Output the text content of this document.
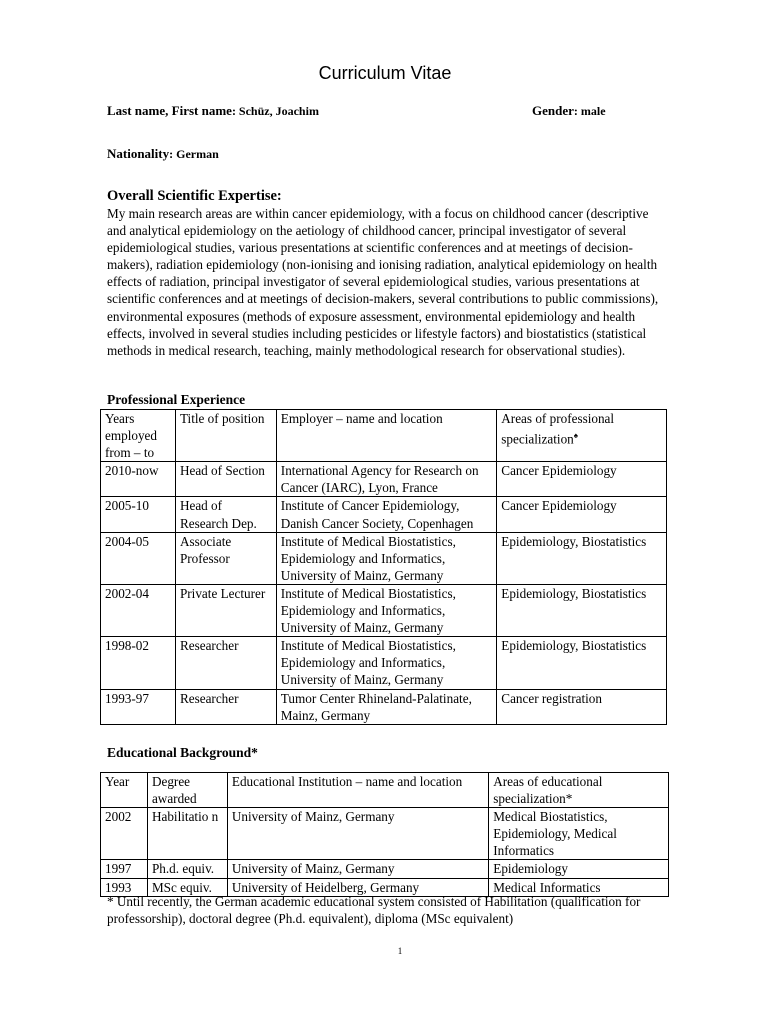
Curriculum Vitae
Last name, First name: Schüz, Joachim	Gender: male
Nationality: German
Overall Scientific Expertise:
My main research areas are within cancer epidemiology, with a focus on childhood cancer (descriptive and analytical epidemiology on the aetiology of childhood cancer, principal investigator of several epidemiological studies, various presentations at scientific conferences and at meetings of decision-makers), radiation epidemiology (non-ionising and ionising radiation, analytical epidemiology on health effects of radiation, principal investigator of several epidemiological studies, various presentations at scientific conferences and at meetings of decision-makers, several contributions to public commissions), environmental exposures (methods of exposure assessment, environmental epidemiology and health effects, involved in several studies including pesticides or lifestyle factors) and biostatistics (statistical methods in medical research, teaching, mainly methodological research for observational studies).
Professional Experience
Years employed from – to	Title of position	Employer – name and location	Areas of professional specialization♠
2010-now	Head of Section	International Agency for Research on Cancer (IARC), Lyon, France	Cancer Epidemiology
2005-10	Head of Research Dep.	Institute of Cancer Epidemiology, Danish Cancer Society, Copenhagen	Cancer Epidemiology
2004-05	Associate Professor	Institute of Medical Biostatistics, Epidemiology and Informatics, University of Mainz, Germany	Epidemiology, Biostatistics
2002-04	Private Lecturer	Institute of Medical Biostatistics, Epidemiology and Informatics, University of Mainz, Germany	Epidemiology, Biostatistics
1998-02	Researcher	Institute of Medical Biostatistics, Epidemiology and Informatics, University of Mainz, Germany	Epidemiology, Biostatistics
1993-97	Researcher	Tumor Center Rhineland-Palatinate, Mainz, Germany	Cancer registration
Educational Background*
Year	Degree awarded	Educational Institution – name and location	Areas of educational specialization*
2002	Habilitatio n	University of Mainz, Germany	Medical Biostatistics, Epidemiology, Medical Informatics
1997	Ph.d. equiv.	University of Mainz, Germany	Epidemiology
1993	MSc equiv.	University of Heidelberg, Germany	Medical Informatics
* Until recently, the German academic educational system consisted of Habilitation (qualification for professorship), doctoral degree (Ph.d. equivalent), diploma (MSc equivalent)
1
